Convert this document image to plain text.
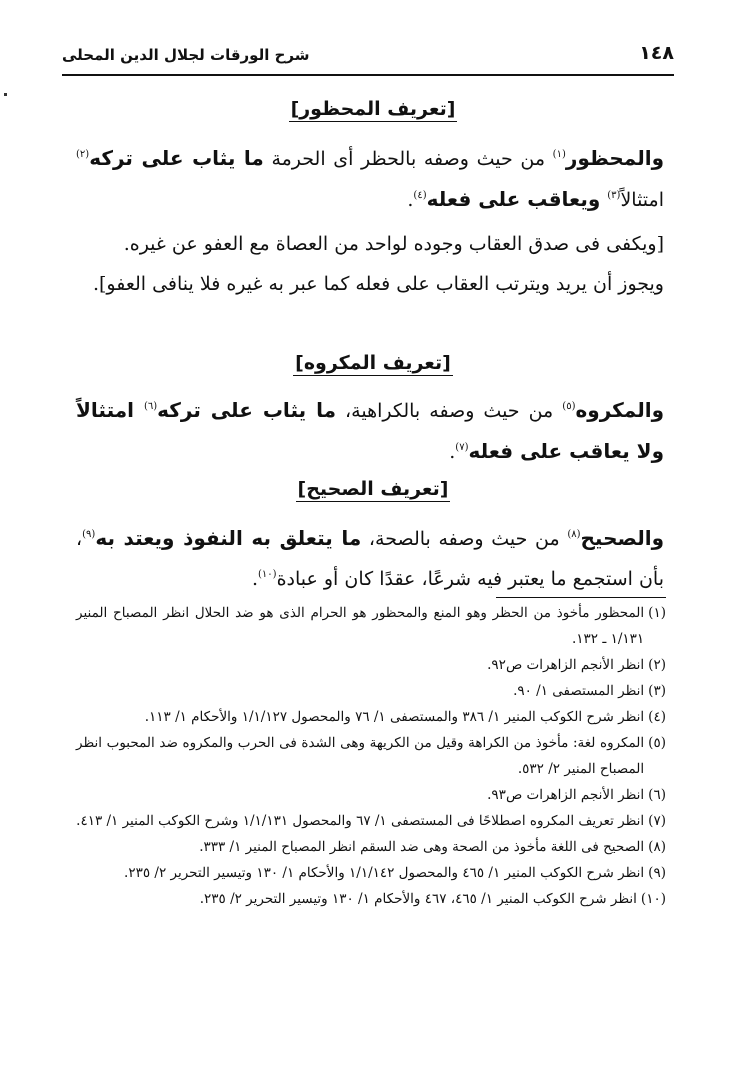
شرح الورقات لجلال الدين المحلى	١٤٨
[تعريف المحظور]
والمحظور$^{(١)}$ من حيث وصفه بالحظر أى الحرمة ما يثاب على تركه$^{(٢)}$ امتثالاً$^{(٣)}$ ويعاقب على فعله$^{(٤)}$.
[ويكفى فى صدق العقاب وجوده لواحد من العصاة مع العفو عن غيره.
ويجوز أن يريد ويترتب العقاب على فعله كما عبر به غيره فلا ينافى العفو].
[تعريف المكروه]
والمكروه$^{(٥)}$ من حيث وصفه بالكراهية، ما يثاب على تركه$^{(٦)}$ امتثالاً ولا يعاقب على فعله$^{(٧)}$.
[تعريف الصحيح]
والصحيح$^{(٨)}$ من حيث وصفه بالصحة، ما يتعلق به النفوذ ويعتد به$^{(٩)}$، بأن استجمع ما يعتبر فيه شرعًا، عقدًا كان أو عبادة$^{(١٠)}$.
(١)
المحظور مأخوذ من الحظر وهو المنع والمحظور هو الحرام الذى هو ضد الحلال انظر المصباح المنير ١/١٣١ ـ ١٣٢.
(٢)
انظر الأنجم الزاهرات ص٩٢.
(٣)
انظر المستصفى ١/ ٩٠.
(٤)
انظر شرح الكوكب المنير ١/ ٣٨٦ والمستصفى ١/ ٧٦ والمحصول ١/١/١٢٧ والأحكام ١/ ١١٣.
(٥)
المكروه لغة: مأخوذ من الكراهة وقيل من الكريهة وهى الشدة فى الحرب والمكروه ضد المحبوب انظر المصباح المنير ٢/ ٥٣٢.
(٦)
انظر الأنجم الزاهرات ص٩٣.
(٧)
انظر تعريف المكروه اصطلاحًا فى المستصفى ١/ ٦٧ والمحصول ١/١/١٣١ وشرح الكوكب المنير ١/ ٤١٣.
(٨)
الصحيح فى اللغة مأخوذ من الصحة وهى ضد السقم انظر المصباح المنير ١/ ٣٣٣.
(٩)
انظر شرح الكوكب المنير ١/ ٤٦٥ والمحصول ١/١/١٤٢ والأحكام ١/ ١٣٠ وتيسير التحرير ٢/ ٢٣٥.
(١٠)
انظر شرح الكوكب المنير ١/ ٤٦٥، ٤٦٧ والأحكام ١/ ١٣٠ وتيسير التحرير ٢/ ٢٣٥.
